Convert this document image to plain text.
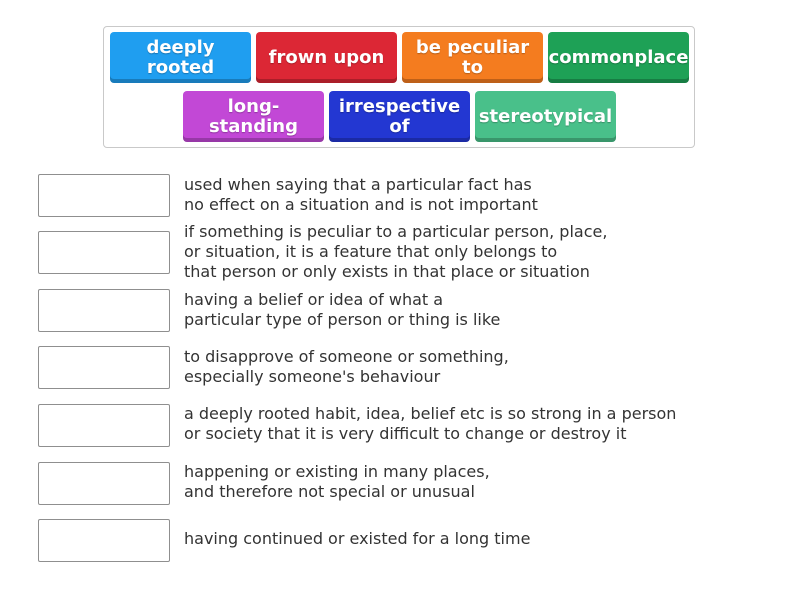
deeply rooted	frown upon	be peculiar to	commonplace
long-standing
irrespective of	stereotypical
used when saying that a particular fact has
no effect on a situation and is not important
if something is peculiar to a particular person, place,
or situation, it is a feature that only belongs to
that person or only exists in that place or situation
having a belief or idea of what a
particular type of person or thing is like
to disapprove of someone or something,
especially someone's behaviour
a deeply rooted habit, idea, belief etc is so strong in a person
or society that it is very difficult to change or destroy it
happening or existing in many places,
and therefore not special or unusual
having continued or existed for a long time
